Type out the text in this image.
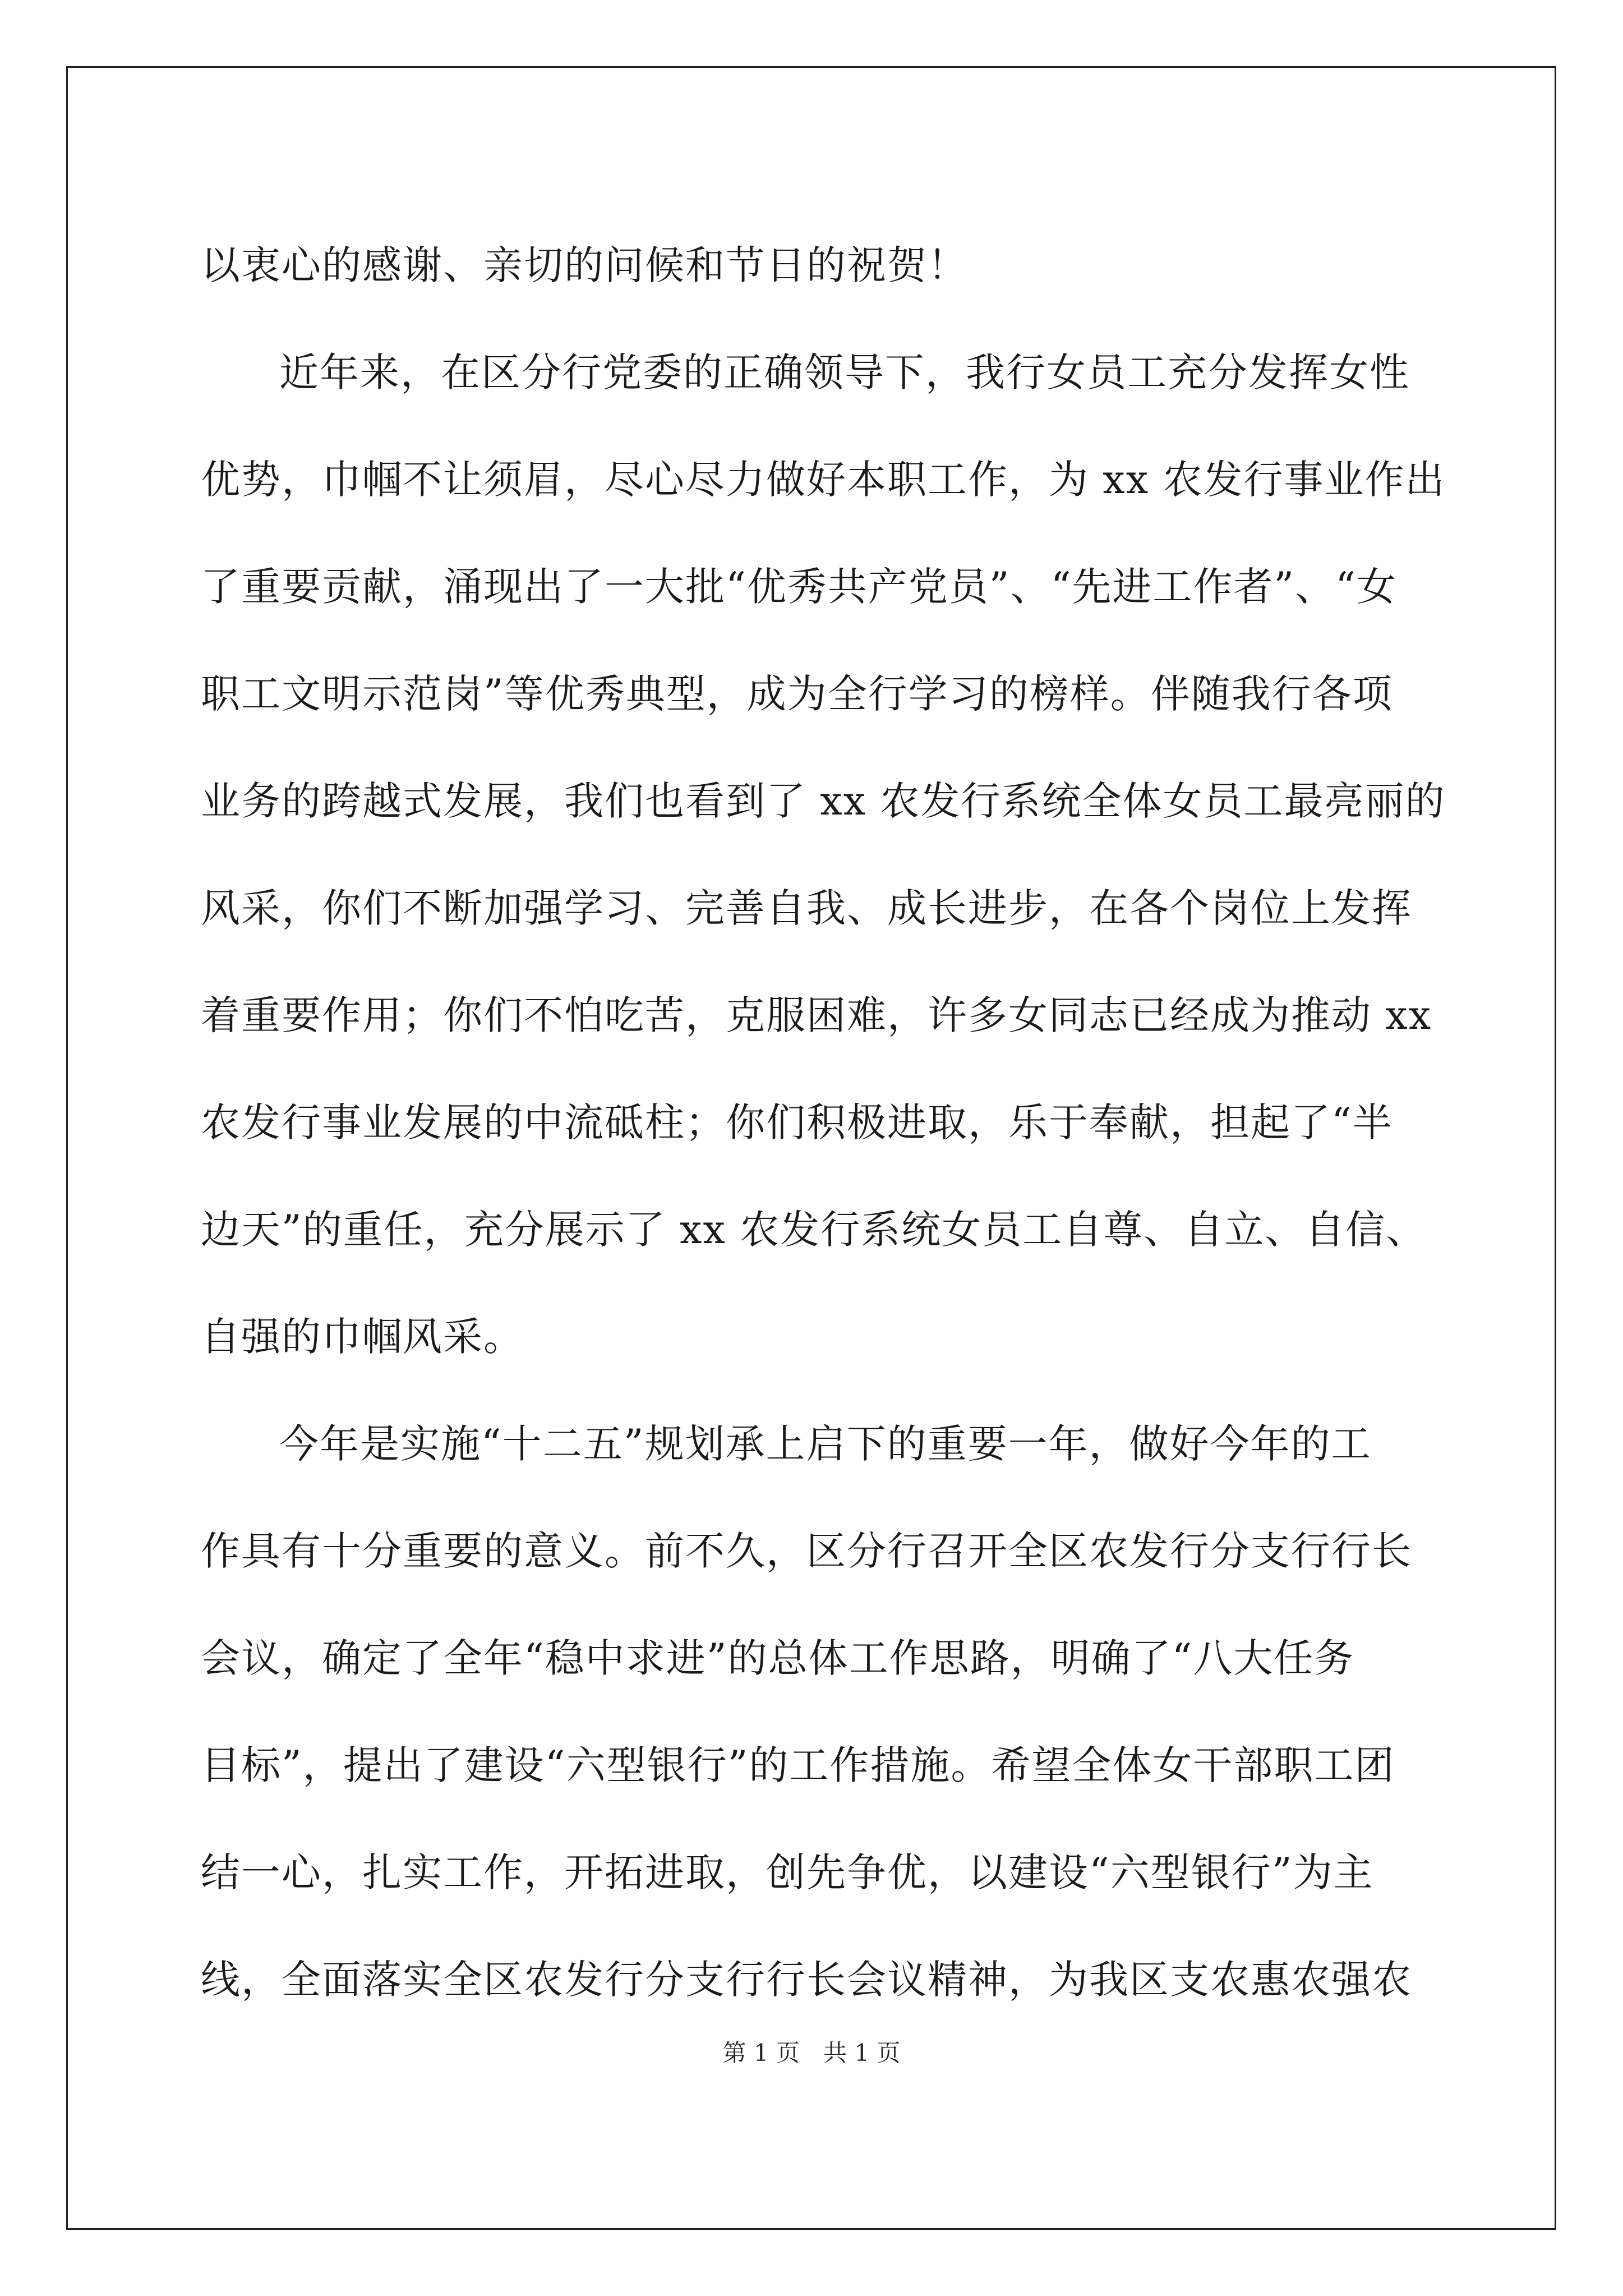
以衷心的感谢、亲切的问候和节日的祝贺！

近年来，在区分行党委的正确领导下，我行女员工充分发挥女性

优势，巾帼不让须眉，尽心尽力做好本职工作，为 xx 农发行事业作出

了重要贡献，涌现出了一大批“优秀共产党员”、“先进工作者”、“女

职工文明示范岗”等优秀典型，成为全行学习的榜样。伴随我行各项

业务的跨越式发展，我们也看到了 xx 农发行系统全体女员工最亮丽的

风采，你们不断加强学习、完善自我、成长进步，在各个岗位上发挥

着重要作用；你们不怕吃苦，克服困难，许多女同志已经成为推动 xx

农发行事业发展的中流砥柱；你们积极进取，乐于奉献，担起了“半

边天”的重任，充分展示了 xx 农发行系统女员工自尊、自立、自信、

自强的巾帼风采。

今年是实施“十二五”规划承上启下的重要一年，做好今年的工

作具有十分重要的意义。前不久，区分行召开全区农发行分支行行长

会议，确定了全年“稳中求进”的总体工作思路，明确了“八大任务

目标”，提出了建设“六型银行”的工作措施。希望全体女干部职工团

结一心，扎实工作，开拓进取，创先争优，以建设“六型银行”为主

线，全面落实全区农发行分支行行长会议精神，为我区支农惠农强农

第 1 页　共 1 页
